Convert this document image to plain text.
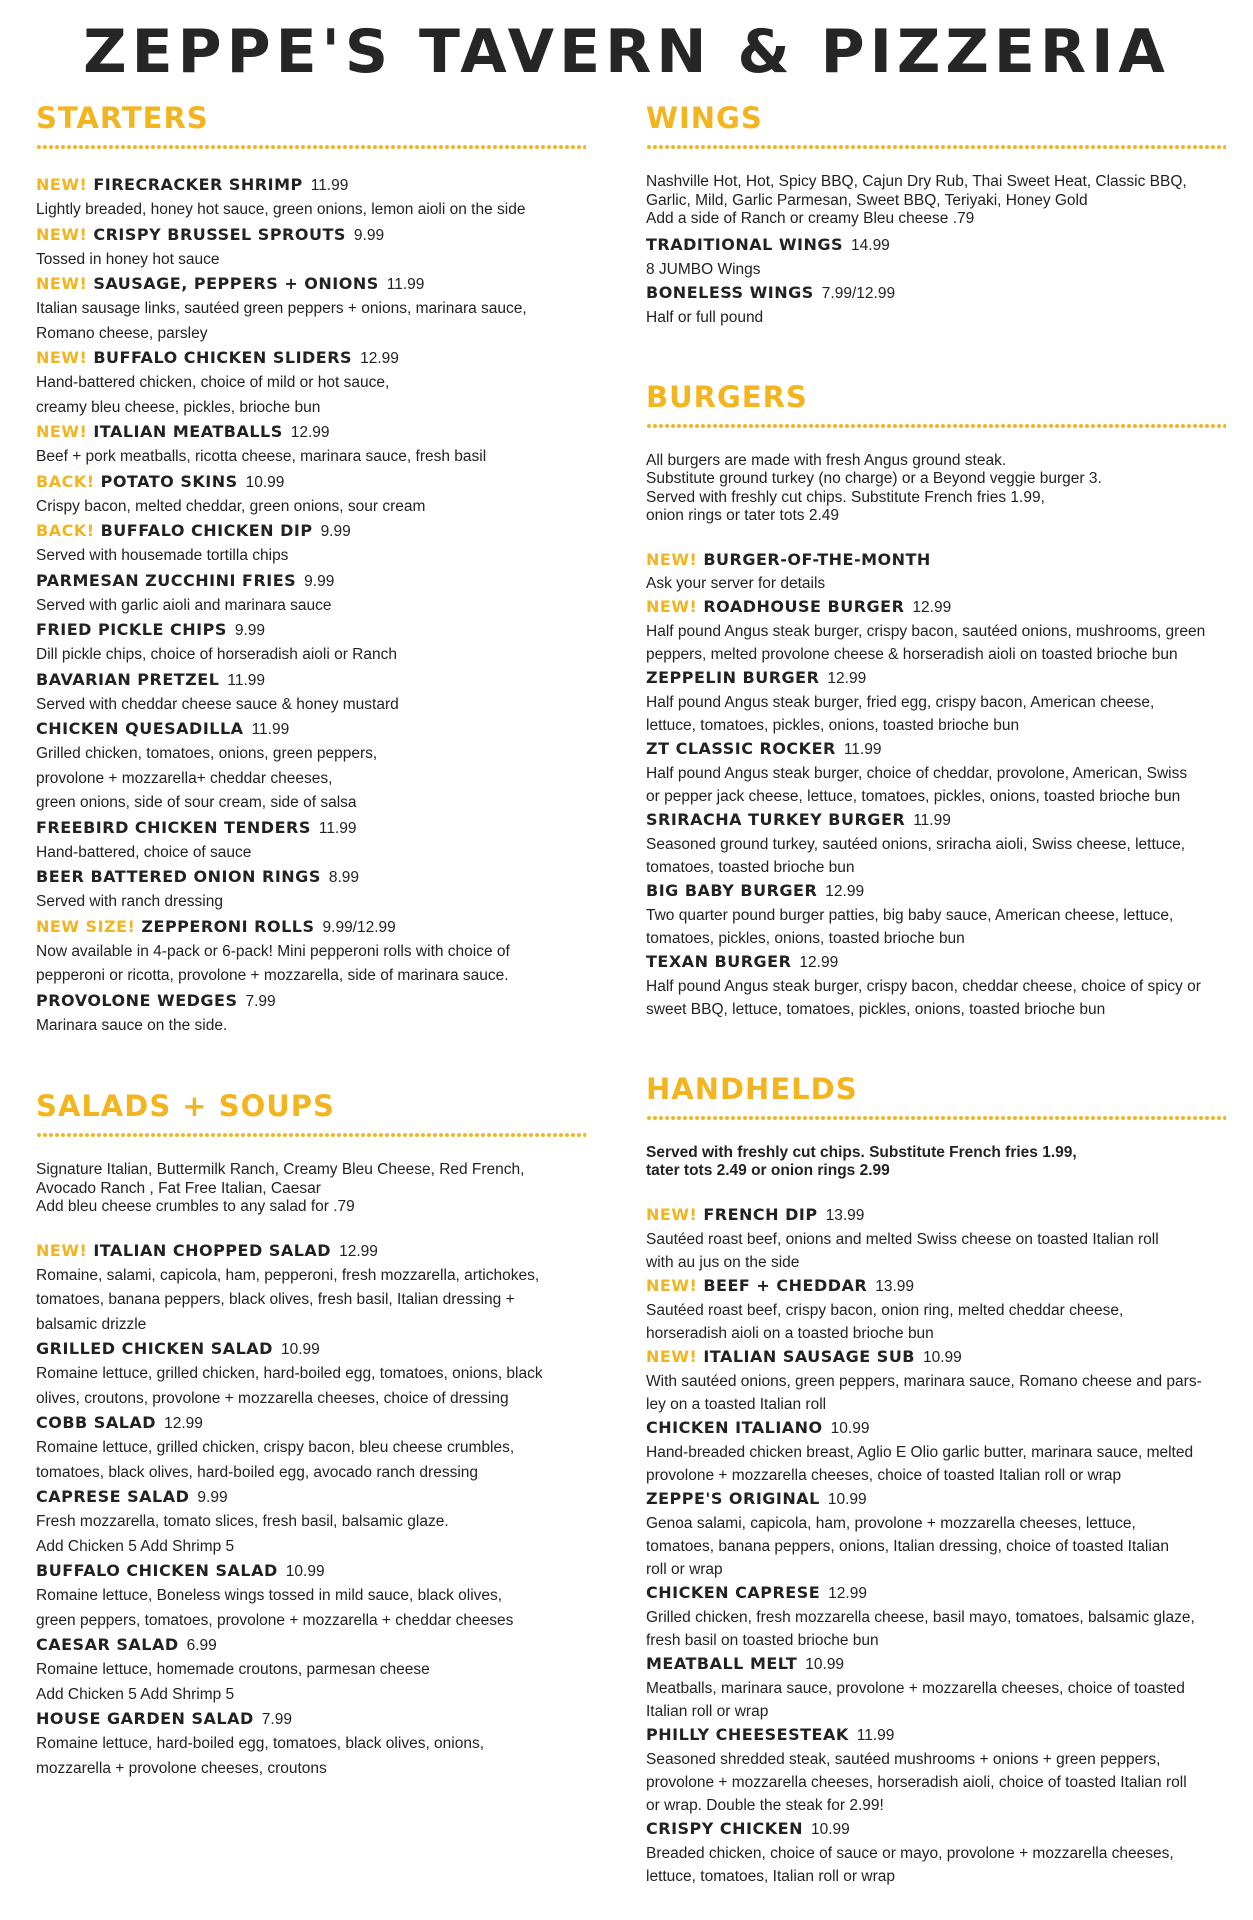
ZEPPE'S TAVERN & PIZZERIA
STARTERS
NEW! FIRECRACKER SHRIMP 11.99
Lightly breaded, honey hot sauce, green onions, lemon aioli on the side
NEW! CRISPY BRUSSEL SPROUTS 9.99
Tossed in honey hot sauce
NEW! SAUSAGE, PEPPERS + ONIONS 11.99
Italian sausage links, sautéed green peppers + onions, marinara sauce,
Romano cheese, parsley
NEW! BUFFALO CHICKEN SLIDERS 12.99
Hand-battered chicken, choice of mild or hot sauce,
creamy bleu cheese, pickles, brioche bun
NEW! ITALIAN MEATBALLS 12.99
Beef + pork meatballs, ricotta cheese, marinara sauce, fresh basil
BACK! POTATO SKINS 10.99
Crispy bacon, melted cheddar, green onions, sour cream
BACK! BUFFALO CHICKEN DIP 9.99
Served with housemade tortilla chips
PARMESAN ZUCCHINI FRIES 9.99
Served with garlic aioli and marinara sauce
FRIED PICKLE CHIPS 9.99
Dill pickle chips, choice of horseradish aioli or Ranch
BAVARIAN PRETZEL 11.99
Served with cheddar cheese sauce & honey mustard
CHICKEN QUESADILLA 11.99
Grilled chicken, tomatoes, onions, green peppers,
provolone + mozzarella+ cheddar cheeses,
green onions, side of sour cream, side of salsa
FREEBIRD CHICKEN TENDERS 11.99
Hand-battered, choice of sauce
BEER BATTERED ONION RINGS 8.99
Served with ranch dressing
NEW SIZE! ZEPPERONI ROLLS 9.99/12.99
Now available in 4-pack or 6-pack! Mini pepperoni rolls with choice of
pepperoni or ricotta, provolone + mozzarella, side of marinara sauce.
PROVOLONE WEDGES 7.99
Marinara sauce on the side.
SALADS + SOUPS
Signature Italian, Buttermilk Ranch, Creamy Bleu Cheese, Red French,
Avocado Ranch , Fat Free Italian, Caesar
Add bleu cheese crumbles to any salad for .79
NEW! ITALIAN CHOPPED SALAD 12.99
Romaine, salami, capicola, ham, pepperoni, fresh mozzarella, artichokes,
tomatoes, banana peppers, black olives, fresh basil, Italian dressing +
balsamic drizzle
GRILLED CHICKEN SALAD 10.99
Romaine lettuce, grilled chicken, hard-boiled egg, tomatoes, onions, black
olives, croutons, provolone + mozzarella cheeses, choice of dressing
COBB SALAD 12.99
Romaine lettuce, grilled chicken, crispy bacon, bleu cheese crumbles,
tomatoes, black olives, hard-boiled egg, avocado ranch dressing
CAPRESE SALAD 9.99
Fresh mozzarella, tomato slices, fresh basil, balsamic glaze.
Add Chicken 5 Add Shrimp 5
BUFFALO CHICKEN SALAD 10.99
Romaine lettuce, Boneless wings tossed in mild sauce, black olives,
green peppers, tomatoes, provolone + mozzarella + cheddar cheeses
CAESAR SALAD 6.99
Romaine lettuce, homemade croutons, parmesan cheese
Add Chicken 5 Add Shrimp 5
HOUSE GARDEN SALAD 7.99
Romaine lettuce, hard-boiled egg, tomatoes, black olives, onions,
mozzarella + provolone cheeses, croutons
WINGS
Nashville Hot, Hot, Spicy BBQ, Cajun Dry Rub, Thai Sweet Heat, Classic BBQ,
Garlic, Mild, Garlic Parmesan, Sweet BBQ, Teriyaki, Honey Gold
Add a side of Ranch or creamy Bleu cheese .79
TRADITIONAL WINGS 14.99
8 JUMBO Wings
BONELESS WINGS 7.99/12.99
Half or full pound
BURGERS
All burgers are made with fresh Angus ground steak.
Substitute ground turkey (no charge) or a Beyond veggie burger 3.
Served with freshly cut chips. Substitute French fries 1.99,
onion rings or tater tots 2.49
NEW! BURGER-OF-THE-MONTH
Ask your server for details
NEW! ROADHOUSE BURGER 12.99
Half pound Angus steak burger, crispy bacon, sautéed onions, mushrooms, green
peppers, melted provolone cheese & horseradish aioli on toasted brioche bun
ZEPPELIN BURGER 12.99
Half pound Angus steak burger, fried egg, crispy bacon, American cheese,
lettuce, tomatoes, pickles, onions, toasted brioche bun
ZT CLASSIC ROCKER 11.99
Half pound Angus steak burger, choice of cheddar, provolone, American, Swiss
or pepper jack cheese, lettuce, tomatoes, pickles, onions, toasted brioche bun
SRIRACHA TURKEY BURGER 11.99
Seasoned ground turkey, sautéed onions, sriracha aioli, Swiss cheese, lettuce,
tomatoes, toasted brioche bun
BIG BABY BURGER 12.99
Two quarter pound burger patties, big baby sauce, American cheese, lettuce,
tomatoes, pickles, onions, toasted brioche bun
TEXAN BURGER 12.99
Half pound Angus steak burger, crispy bacon, cheddar cheese, choice of spicy or
sweet BBQ, lettuce, tomatoes, pickles, onions, toasted brioche bun
HANDHELDS
Served with freshly cut chips. Substitute French fries 1.99,
tater tots 2.49 or onion rings 2.99
NEW! FRENCH DIP 13.99
Sautéed roast beef, onions and melted Swiss cheese on toasted Italian roll
with au jus on the side
NEW! BEEF + CHEDDAR 13.99
Sautéed roast beef, crispy bacon, onion ring, melted cheddar cheese,
horseradish aioli on a toasted brioche bun
NEW! ITALIAN SAUSAGE SUB 10.99
With sautéed onions, green peppers, marinara sauce, Romano cheese and pars-
ley on a toasted Italian roll
CHICKEN ITALIANO 10.99
Hand-breaded chicken breast, Aglio E Olio garlic butter, marinara sauce, melted
provolone + mozzarella cheeses, choice of toasted Italian roll or wrap
ZEPPE'S ORIGINAL 10.99
Genoa salami, capicola, ham, provolone + mozzarella cheeses, lettuce,
tomatoes, banana peppers, onions, Italian dressing, choice of toasted Italian
roll or wrap
CHICKEN CAPRESE 12.99
Grilled chicken, fresh mozzarella cheese, basil mayo, tomatoes, balsamic glaze,
fresh basil on toasted brioche bun
MEATBALL MELT 10.99
Meatballs, marinara sauce, provolone + mozzarella cheeses, choice of toasted
Italian roll or wrap
PHILLY CHEESESTEAK 11.99
Seasoned shredded steak, sautéed mushrooms + onions + green peppers,
provolone + mozzarella cheeses, horseradish aioli, choice of toasted Italian roll
or wrap. Double the steak for 2.99!
CRISPY CHICKEN 10.99
Breaded chicken, choice of sauce or mayo, provolone + mozzarella cheeses,
lettuce, tomatoes, Italian roll or wrap
